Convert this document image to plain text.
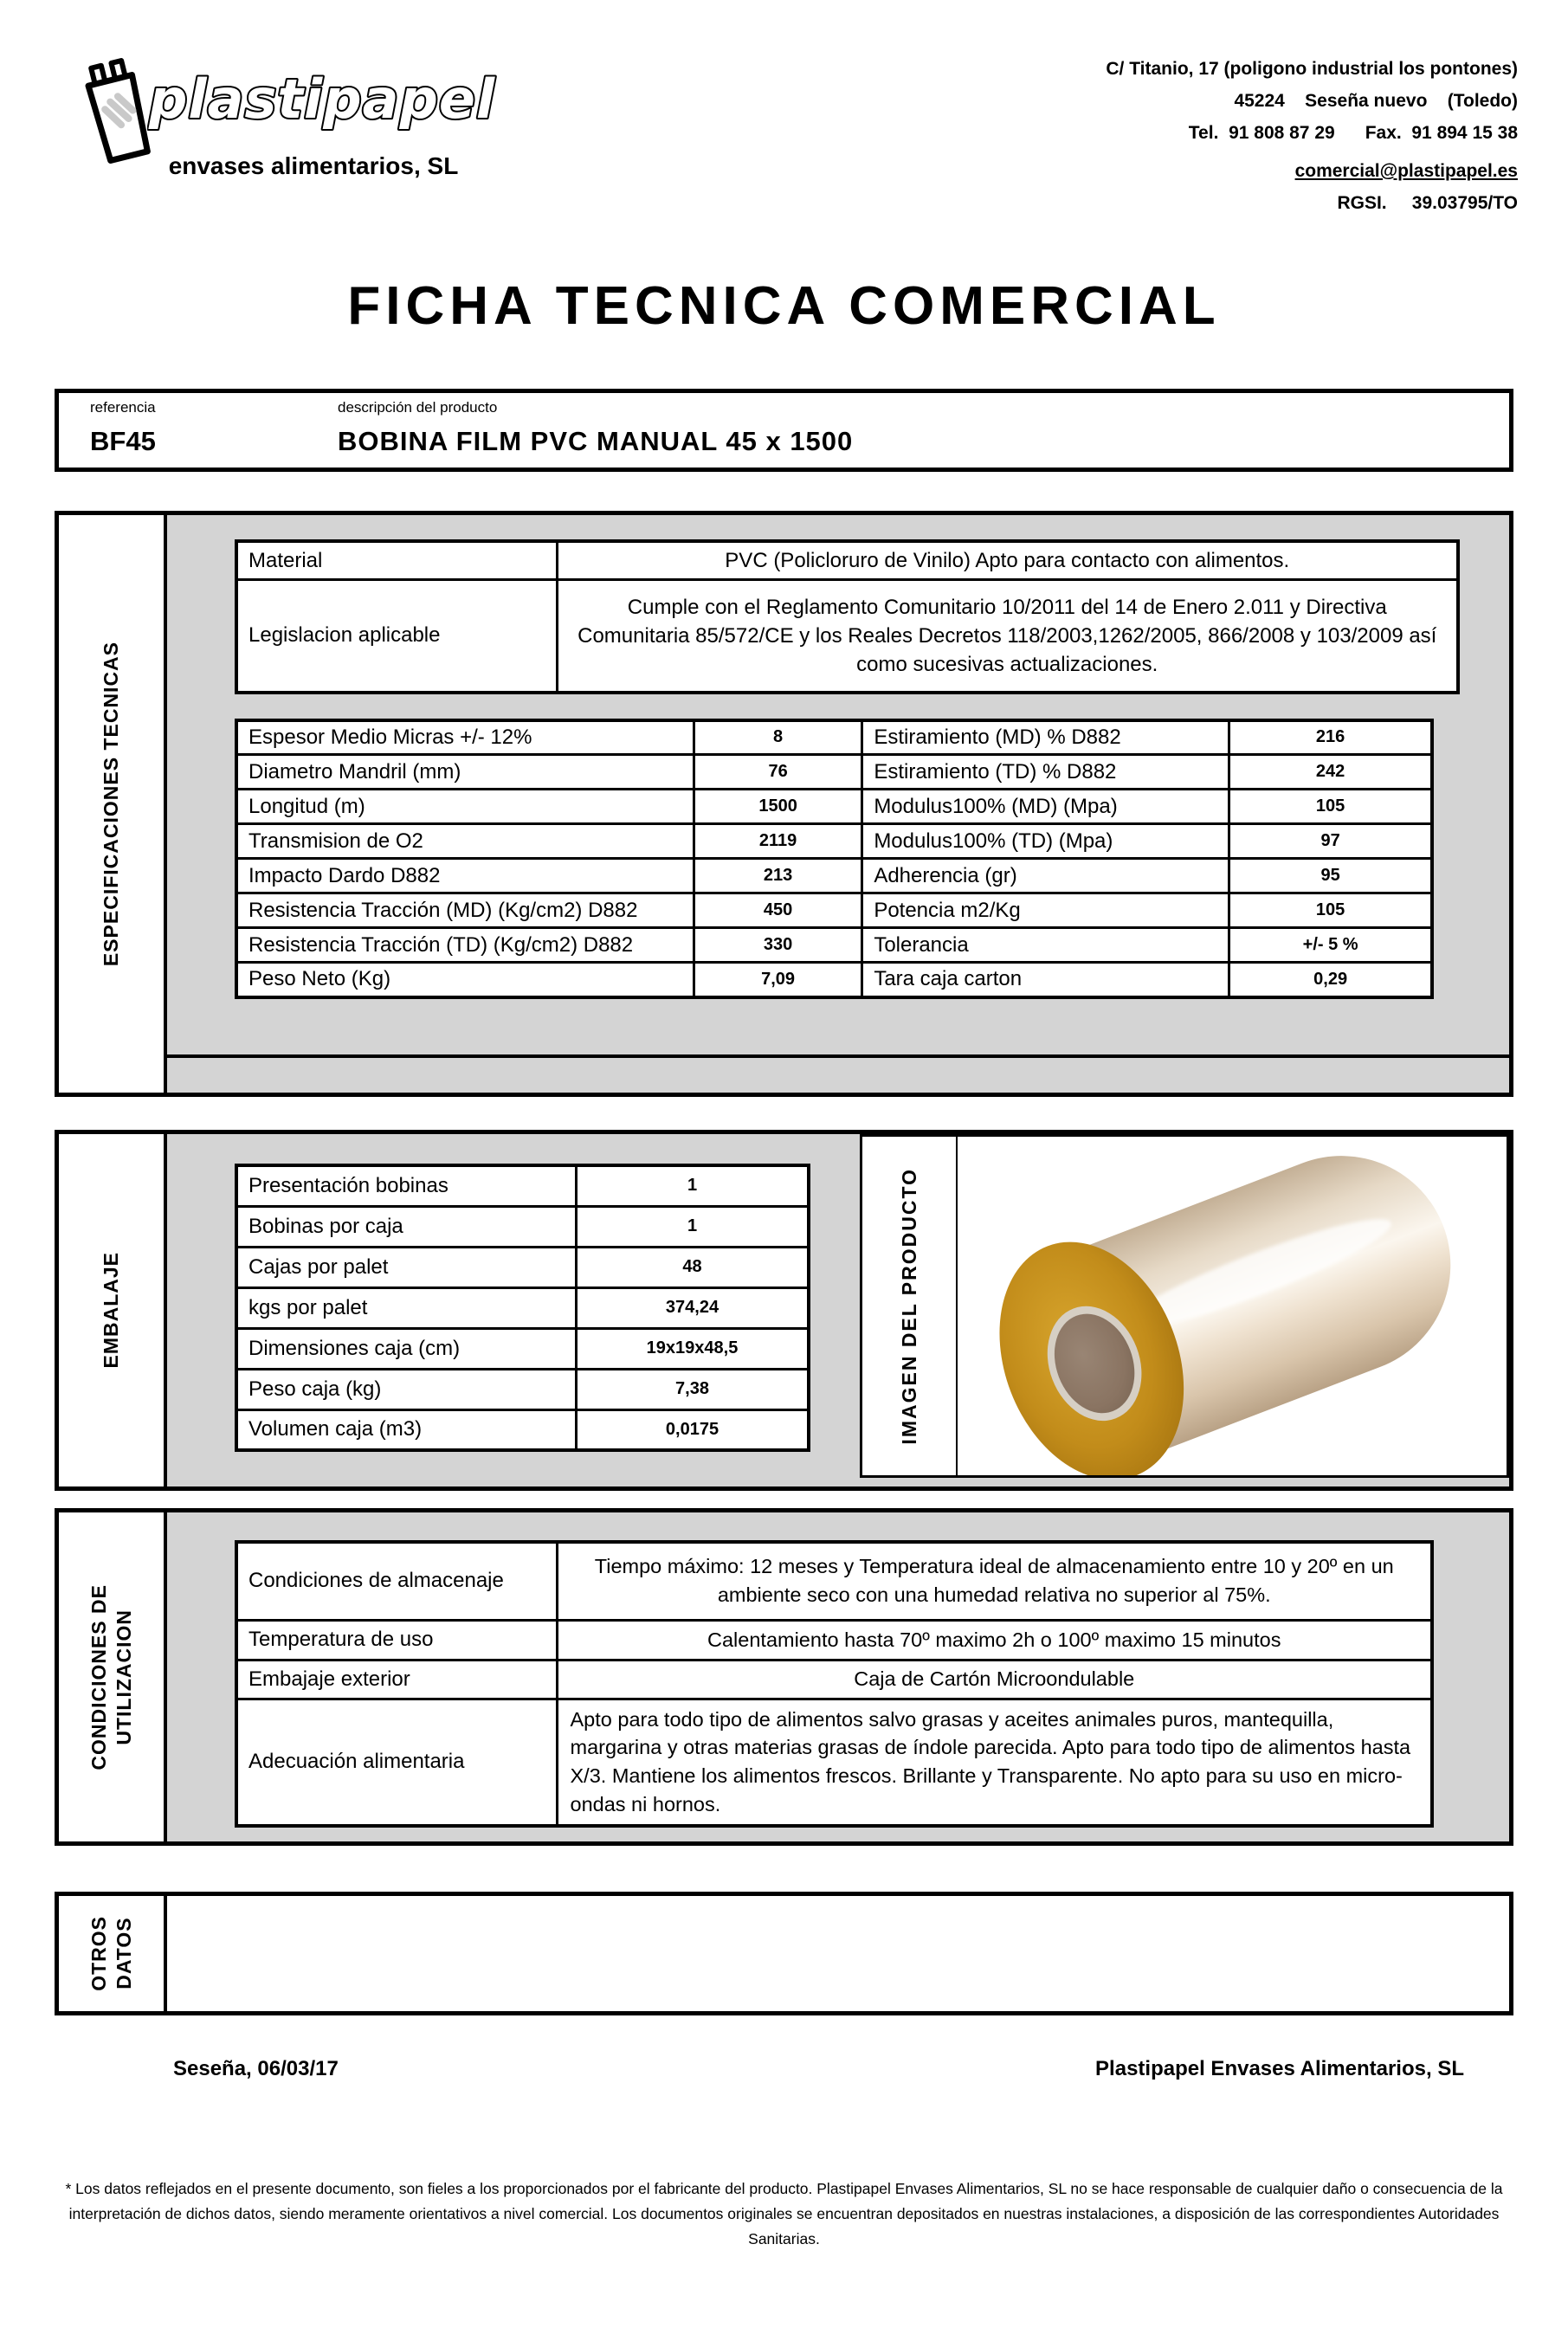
plastipapel
envases alimentarios, SL
C/ Titanio, 17 (poligono industrial los pontones)
45224    Seseña nuevo    (Toledo)
Tel.  91 808 87 29      Fax.  91 894 15 38
comercial@plastipapel.es
RGSI.     39.03795/TO
FICHA TECNICA COMERCIAL
referencia	descripción del producto
BF45	BOBINA FILM PVC MANUAL 45 x 1500
ESPECIFICACIONES TECNICAS
Material	PVC (Policloruro de Vinilo) Apto para contacto con alimentos.
Legislacion aplicable	Cumple con el Reglamento Comunitario 10/2011 del 14 de Enero 2.011 y Directiva Comunitaria 85/572/CE y los Reales Decretos 118/2003,1262/2005, 866/2008 y 103/2009 así como sucesivas actualizaciones.
Espesor Medio Micras +/- 12%	8	Estiramiento (MD) % D882	216
Diametro Mandril (mm)	76	Estiramiento (TD) % D882	242
Longitud (m)	1500	Modulus100% (MD) (Mpa)	105
Transmision de O2	2119	Modulus100% (TD) (Mpa)	97
Impacto Dardo D882	213	Adherencia (gr)	95
Resistencia Tracción (MD) (Kg/cm2) D882	450	Potencia m2/Kg	105
Resistencia Tracción (TD) (Kg/cm2) D882	330	Tolerancia	+/- 5 %
Peso Neto (Kg)	7,09	Tara caja carton	0,29
EMBALAJE
Presentación bobinas	1
Bobinas por caja	1
Cajas por palet	48
kgs por palet	374,24
Dimensiones caja (cm)	19x19x48,5
Peso caja (kg)	7,38
Volumen caja (m3)	0,0175	IMAGEN DEL PRODUCTO
CONDICIONES DE UTILIZACION
Condiciones de almacenaje	Tiempo máximo: 12 meses y Temperatura ideal de almacenamiento entre 10 y 20º en un ambiente seco con una humedad relativa no superior al 75%.
Temperatura de uso	Calentamiento hasta 70º maximo 2h o 100º maximo 15 minutos
Embajaje exterior	Caja de Cartón Microondulable
Adecuación alimentaria	Apto para todo tipo de alimentos salvo grasas y aceites animales puros, mantequilla, margarina y otras materias grasas de índole parecida. Apto para todo tipo de alimentos hasta X/3. Mantiene los alimentos frescos. Brillante y Transparente. No apto para su uso en micro-ondas ni hornos.
OTROS DATOS
Seseña, 06/03/17	Plastipapel Envases Alimentarios, SL
* Los datos reflejados en el presente documento, son fieles a los proporcionados por el fabricante del producto. Plastipapel Envases Alimentarios, SL no se hace responsable de cualquier daño o consecuencia de la interpretación de dichos datos, siendo meramente orientativos a nivel comercial. Los documentos originales se encuentran depositados en nuestras instalaciones, a disposición de las correspondientes Autoridades Sanitarias.
